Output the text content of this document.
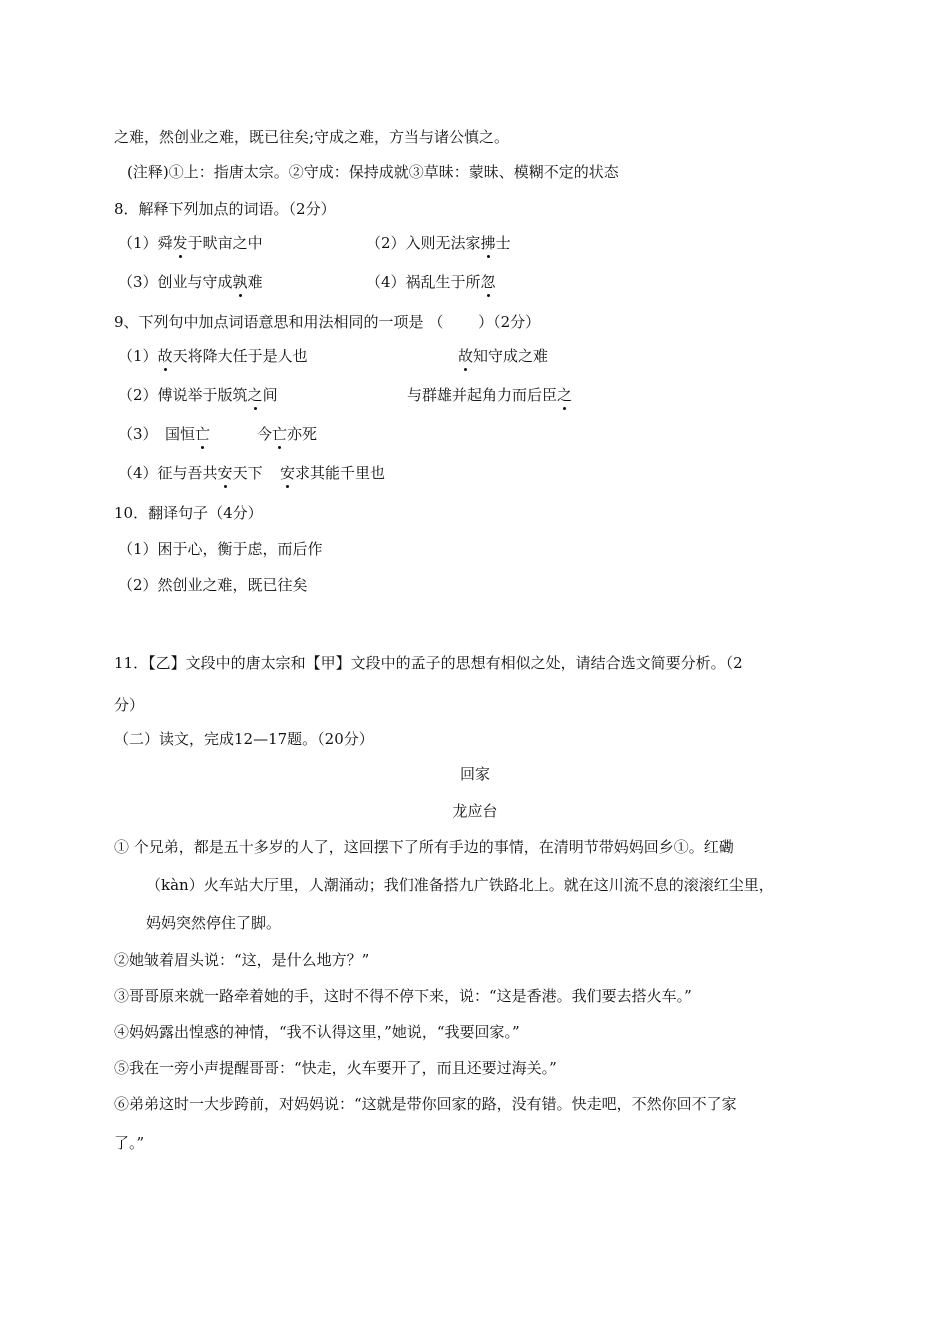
之难，然创业之难，既已往矣;守成之难，方当与诸公慎之。
(注释)①上：指唐太宗。②守成：保持成就③草昧：蒙昧、模糊不定的状态
8．解释下列加点的词语。（2分）
（1）舜发于畎亩之中	（2）入则无法家拂士
（3）创业与守成孰难	（4）祸乱生于所忽
9、下列句中加点词语意思和用法相同的一项是 （　　 ）（2分）
（1）故天将降大任于是人也	故知守成之难
（2）傅说举于版筑之间	与群雄并起角力而后臣之
（3）　国恒亡	今亡亦死
（4）征与吾共安天下 安求其能千里也
10．翻译句子（4分）
（1）困于心，衡于虑，而后作
（2）然创业之难，既已往矣
11．【乙】文段中的唐太宗和【甲】文段中的孟子的思想有相似之处，请结合选文简要分析。（2
分）
（二）读文，完成12—17题。（20分）
回家
龙应台
① 个兄弟，都是五十多岁的人了，这回摆下了所有手边的事情，在清明节带妈妈回乡①。红磡
（kàn）火车站大厅里，人潮涌动；我们准备搭九广铁路北上。就在这川流不息的滚滚红尘里，
妈妈突然停住了脚。
②她皱着眉头说：“这，是什么地方？”
③哥哥原来就一路牵着她的手，这时不得不停下来，说：“这是香港。我们要去搭火车。”
④妈妈露出惶惑的神情，“我不认得这里，”她说，“我要回家。”
⑤我在一旁小声提醒哥哥：“快走，火车要开了，而且还要过海关。”
⑥弟弟这时一大步跨前，对妈妈说：“这就是带你回家的路，没有错。快走吧，不然你回不了家
了。”
